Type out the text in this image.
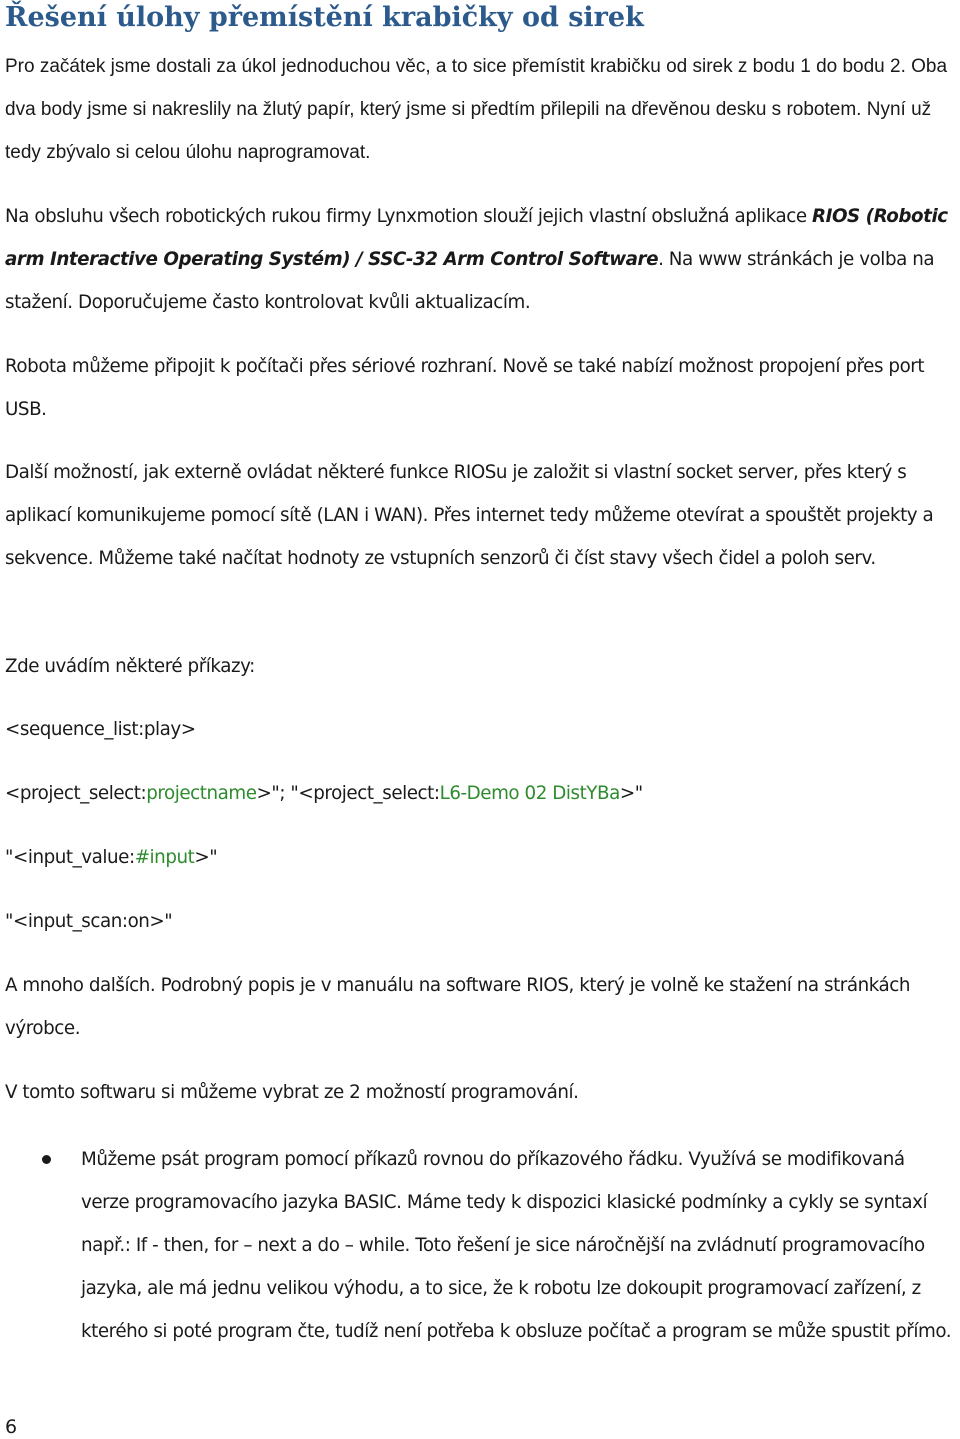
Řešení úlohy přemístění krabičky od sirek

Pro začátek jsme dostali za úkol jednoduchou věc, a to sice přemístit krabičku od sirek z bodu 1 do bodu 2. Oba dva body jsme si nakreslily na žlutý papír, který jsme si předtím přilepili na dřevěnou desku s robotem. Nyní už tedy zbývalo si celou úlohu naprogramovat.

Na obsluhu všech robotických rukou firmy Lynxmotion slouží jejich vlastní obslužná aplikace RIOS (Robotic arm Interactive Operating Systém) / SSC-32 Arm Control Software. Na www stránkách je volba na stažení. Doporučujeme často kontrolovat kvůli aktualizacím.

Robota můžeme připojit k počítači přes sériové rozhraní. Nově se také nabízí možnost propojení přes port USB.

Další možností, jak externě ovládat některé funkce RIOSu je založit si vlastní socket server, přes který s aplikací komunikujeme pomocí sítě (LAN i WAN). Přes internet tedy můžeme otevírat a spouštět projekty a sekvence. Můžeme také načítat hodnoty ze vstupních senzorů či číst stavy všech čidel a poloh serv.

Zde uvádím některé příkazy:

<sequence_list:play>

<project_select:projectname>"; "<project_select:L6-Demo 02 DistYBa>"

"<input_value:#input>"

"<input_scan:on>"

A mnoho dalších. Podrobný popis je v manuálu na software RIOS, který je volně ke stažení na stránkách výrobce.

V tomto softwaru si můžeme vybrat ze 2 možností programování.

Můžeme psát program pomocí příkazů rovnou do příkazového řádku. Využívá se modifikovaná verze programovacího jazyka BASIC. Máme tedy k dispozici klasické podmínky a cykly se syntaxí např.: If - then, for – next a do – while. Toto řešení je sice náročnější na zvládnutí programovacího jazyka, ale má jednu velikou výhodu, a to sice, že k robotu lze dokoupit programovací zařízení, z kterého si poté program čte, tudíž není potřeba k obsluze počítač a program se může spustit přímo.

6
